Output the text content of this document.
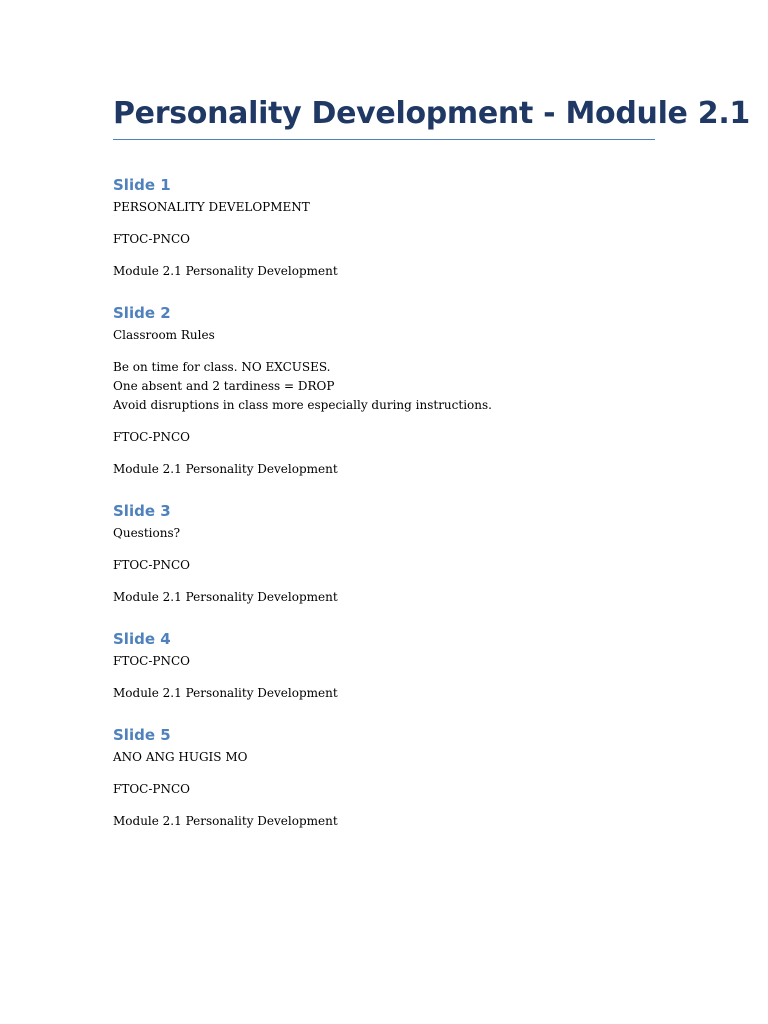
Personality Development - Module 2.1
Slide 1

PERSONALITY DEVELOPMENT

FTOC-PNCO

Module 2.1 Personality Development

Slide 2

Classroom Rules

Be on time for class. NO EXCUSES.
One absent and 2 tardiness = DROP
Avoid disruptions in class more especially during instructions.

FTOC-PNCO

Module 2.1 Personality Development

Slide 3

Questions?

FTOC-PNCO

Module 2.1 Personality Development

Slide 4

FTOC-PNCO

Module 2.1 Personality Development

Slide 5

ANO ANG HUGIS MO

FTOC-PNCO

Module 2.1 Personality Development
